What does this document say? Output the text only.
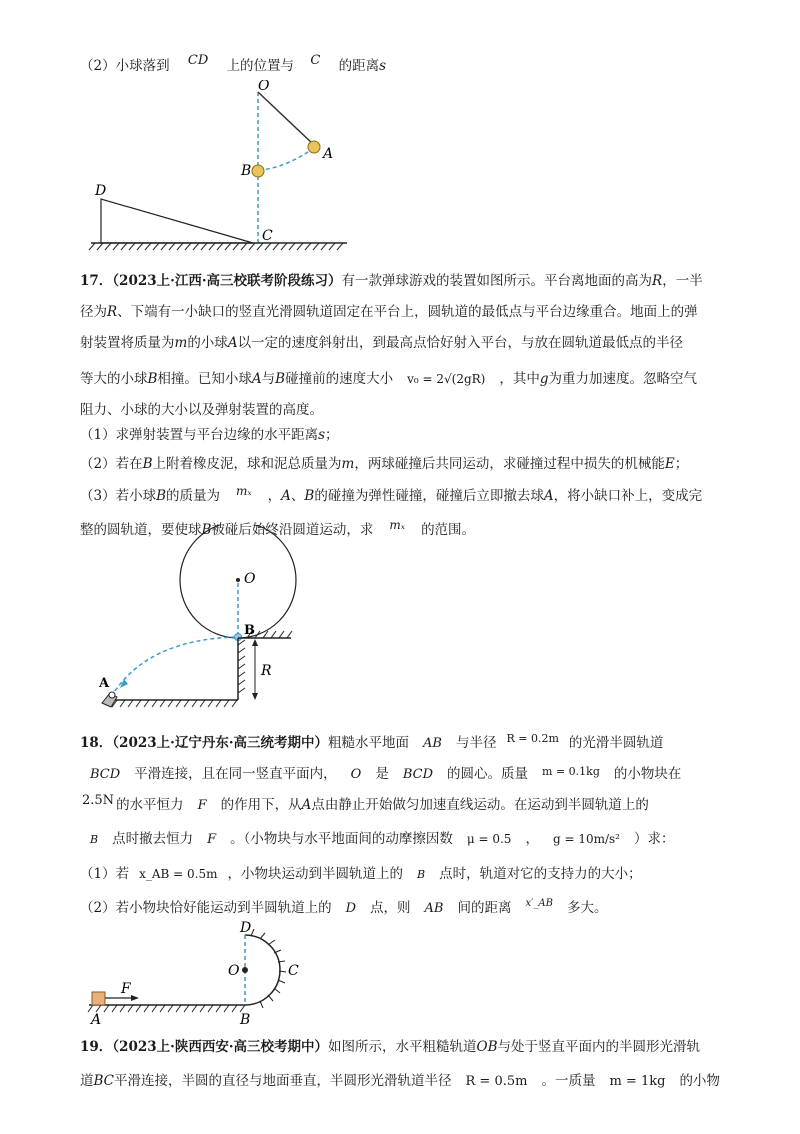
（2）小球落到 CD 上的位置与 C 的距离s
O
A
B
C
D
17．（2023上·江西·高三校联考阶段练习）有一款弹球游戏的装置如图所示。平台离地面的高为R，一半
径为R、下端有一小缺口的竖直光滑圆轨道固定在平台上，圆轨道的最低点与平台边缘重合。地面上的弹
射装置将质量为m的小球A以一定的速度斜射出，到最高点恰好射入平台，与放在圆轨道最低点的半径
等大的小球B相撞。已知小球A与B碰撞前的速度大小 v₀ = 2√(2gR) ，其中g为重力加速度。忽略空气
阻力、小球的大小以及弹射装置的高度。
（1）求弹射装置与平台边缘的水平距离s；
（2）若在B上附着橡皮泥，球和泥总质量为m，两球碰撞后共同运动，求碰撞过程中损失的机械能E；
（3）若小球B的质量为 mₓ ，A、B的碰撞为弹性碰撞，碰撞后立即撤去球A，将小缺口补上，变成完
整的圆轨道，要使球B被碰后始终沿圆道运动，求 mₓ 的范围。
O
B
A
R
18．（2023上·辽宁丹东·高三统考期中）粗糙水平地面 AB 与半径 R = 0.2m 的光滑半圆轨道
BCD 平滑连接，且在同一竖直平面内， O 是 BCD 的圆心。质量 m = 0.1kg 的小物块在
2.5N 的水平恒力 F 的作用下，从A点由静止开始做匀加速直线运动。在运动到半圆轨道上的
B 点时撤去恒力 F 。（小物块与水平地面间的动摩擦因数 μ = 0.5 ， g = 10m/s² ）求：
（1）若 x_AB = 0.5m ，小物块运动到半圆轨道上的 B 点时，轨道对它的支持力的大小；
（2）若小物块恰好能运动到半圆轨道上的 D 点，则 AB 间的距离 x′_AB 多大。
D
O	C
F
A	B
19．（2023上·陕西西安·高三校考期中）如图所示，水平粗糙轨道OB与处于竖直平面内的半圆形光滑轨
道BC平滑连接，半圆的直径与地面垂直，半圆形光滑轨道半径 R = 0.5m 。一质量 m = 1kg 的小物
